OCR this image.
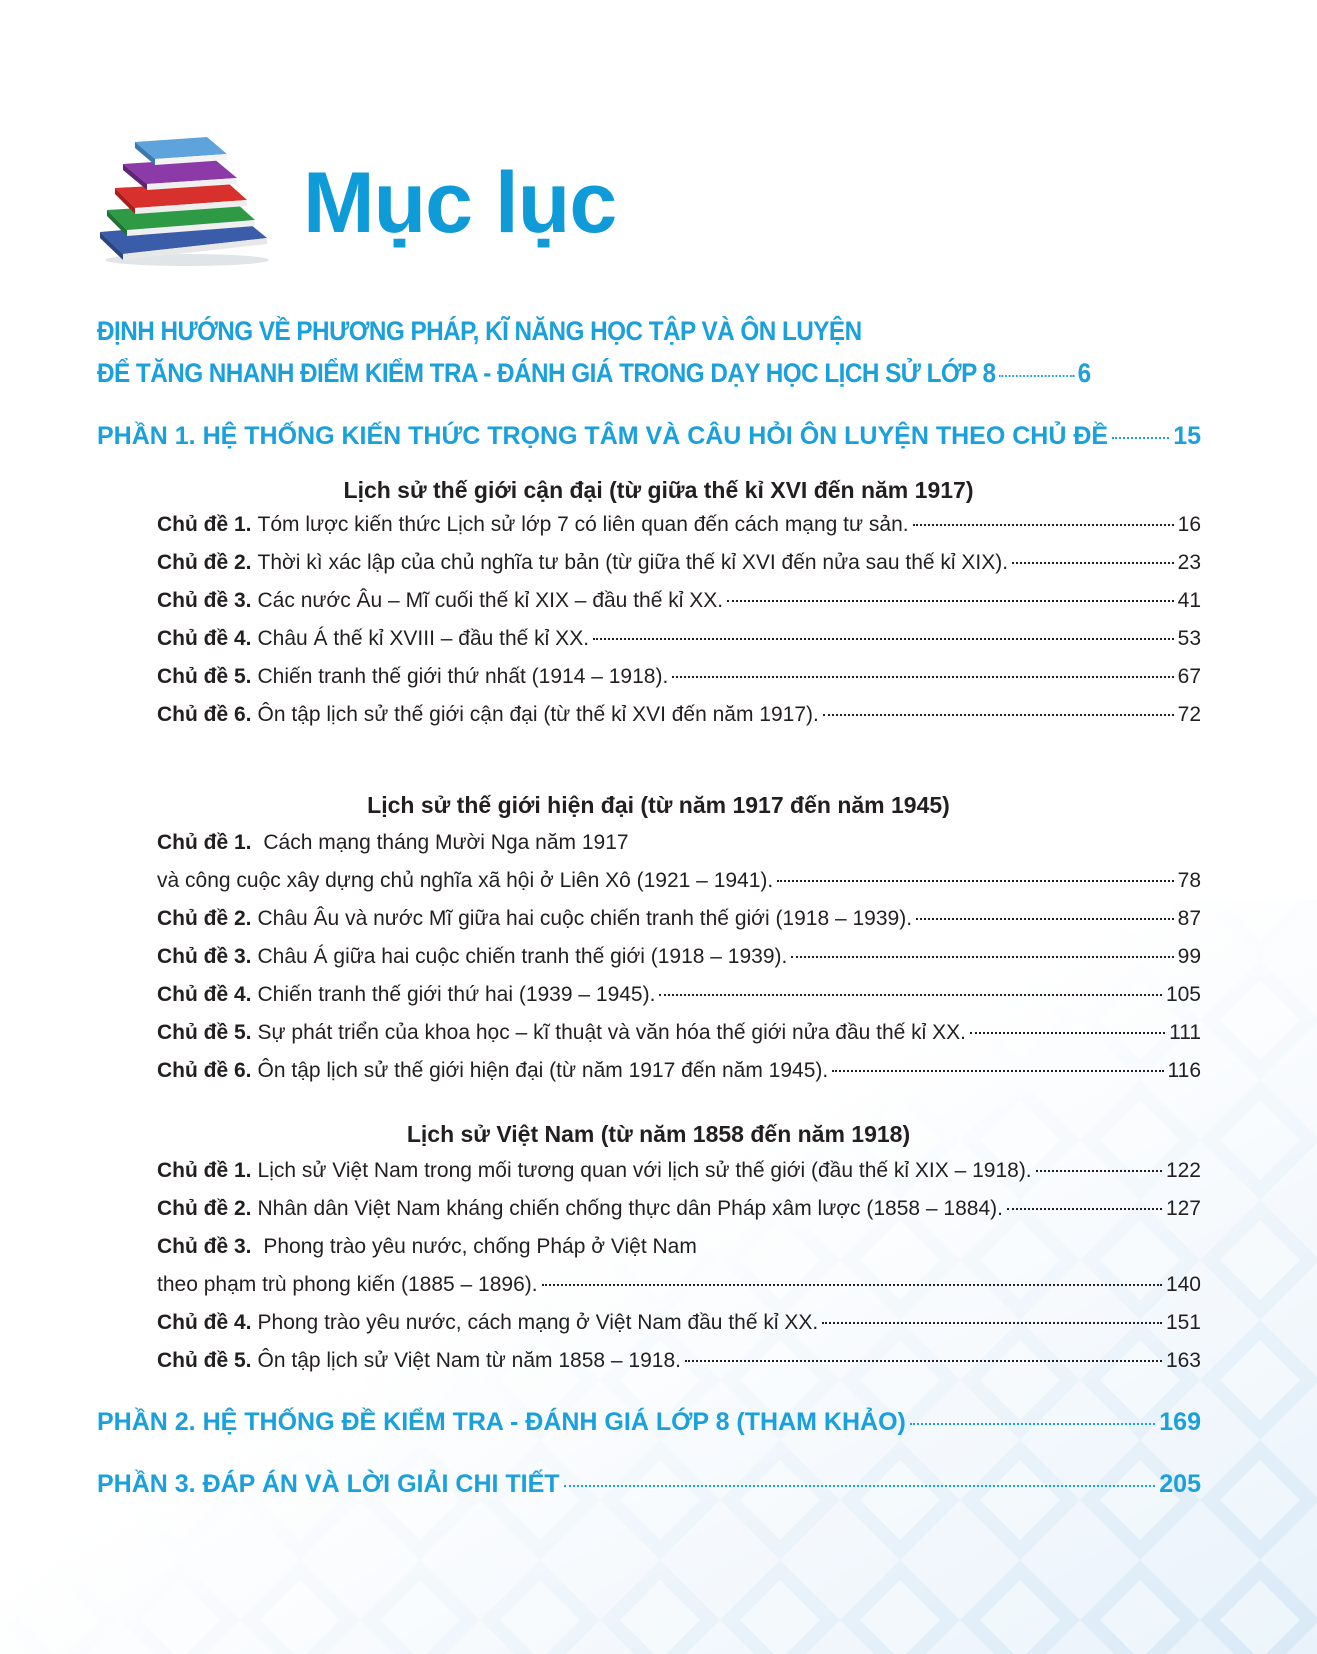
Mục lục
ĐỊNH HƯỚNG VỀ PHƯƠNG PHÁP, KĨ NĂNG HỌC TẬP VÀ ÔN LUYỆN
ĐỂ TĂNG NHANH ĐIỂM KIỂM TRA - ĐÁNH GIÁ TRONG DẠY HỌC LỊCH SỬ LỚP 8	6
PHẦN 1. HỆ THỐNG KIẾN THỨC TRỌNG TÂM VÀ CÂU HỎI ÔN LUYỆN THEO CHỦ ĐỀ	15
Lịch sử thế giới cận đại (từ giữa thế kỉ XVI đến năm 1917)
Chủ đề 1. Tóm lược kiến thức Lịch sử lớp 7 có liên quan đến cách mạng tư sản.	16
Chủ đề 2. Thời kì xác lập của chủ nghĩa tư bản (từ giữa thế kỉ XVI đến nửa sau thế kỉ XIX).	23
Chủ đề 3. Các nước Âu – Mĩ cuối thế kỉ XIX – đầu thế kỉ XX.	41
Chủ đề 4. Châu Á thế kỉ XVIII – đầu thế kỉ XX.	53
Chủ đề 5. Chiến tranh thế giới thứ nhất (1914 – 1918).	67
Chủ đề 6. Ôn tập lịch sử thế giới cận đại (từ thế kỉ XVI đến năm 1917).	72
Lịch sử thế giới hiện đại (từ năm 1917 đến năm 1945)
Chủ đề 1. Cách mạng tháng Mười Nga năm 1917
và công cuộc xây dựng chủ nghĩa xã hội ở Liên Xô (1921 – 1941).	78
Chủ đề 2. Châu Âu và nước Mĩ giữa hai cuộc chiến tranh thế giới (1918 – 1939).	87
Chủ đề 3. Châu Á giữa hai cuộc chiến tranh thế giới (1918 – 1939).	99
Chủ đề 4. Chiến tranh thế giới thứ hai (1939 – 1945).	105
Chủ đề 5. Sự phát triển của khoa học – kĩ thuật và văn hóa thế giới nửa đầu thế kỉ XX.	111
Chủ đề 6. Ôn tập lịch sử thế giới hiện đại (từ năm 1917 đến năm 1945).	116
Lịch sử Việt Nam (từ năm 1858 đến năm 1918)
Chủ đề 1. Lịch sử Việt Nam trong mối tương quan với lịch sử thế giới (đầu thế kỉ XIX – 1918).	122
Chủ đề 2. Nhân dân Việt Nam kháng chiến chống thực dân Pháp xâm lược (1858 – 1884).	127
Chủ đề 3. Phong trào yêu nước, chống Pháp ở Việt Nam
theo phạm trù phong kiến (1885 – 1896).	140
Chủ đề 4. Phong trào yêu nước, cách mạng ở Việt Nam đầu thế kỉ XX.	151
Chủ đề 5. Ôn tập lịch sử Việt Nam từ năm 1858 – 1918.	163
PHẦN 2. HỆ THỐNG ĐỀ KIỂM TRA - ĐÁNH GIÁ LỚP 8 (THAM KHẢO)	169
PHẦN 3. ĐÁP ÁN VÀ LỜI GIẢI CHI TIẾT	205
